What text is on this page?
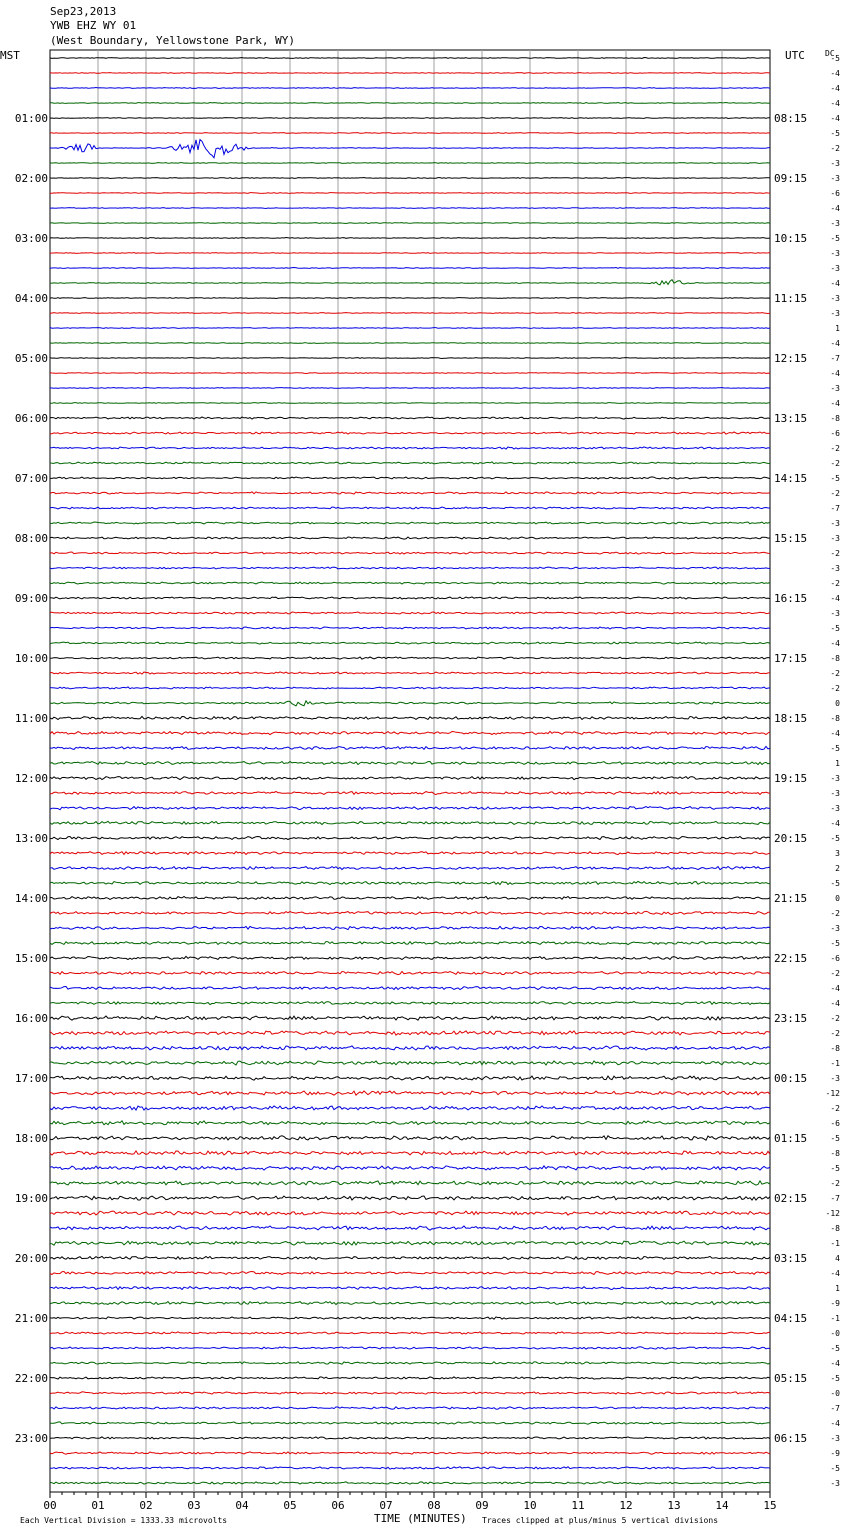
Sep23,2013
YWB EHZ WY 01
(West Boundary, Yellowstone Park, WY)
MST	UTC	DC
-5
-4
-4
-4
-4
-5
-2
-3
-3
-6
-4
-3
-5
-3
-3
-4
-3
-3
1
-4
-7
-4
-3
-4
-8
-6
-2
-2
-5
-2
-7
-3
-3
-2
-3
-2
-4
-3
-5
-4
-8
-2
-2
0
-8
-4
-5
1
-3
-3
-3
-4
-5
3
2
-5
0
-2
-3
-5
-6
-2
-4
-4
-2
-2
-8
-1
-3
-12
-2
-6
-5
-8
-5
-2
-7
-12
-8
-1
4
-4
1
-9
-1
-0
-5
-4
-5
-0
-7
-4
-3
-9
-5
-3
01:00
02:00
03:00
04:00
05:00
06:00
07:00
08:00
09:00
10:00
11:00
12:00
13:00
14:00
15:00
16:00
17:00
18:00
19:00
20:00
21:00
22:00
23:00
08:15
09:15
10:15
11:15
12:15
13:15
14:15
15:15
16:15
17:15
18:15
19:15
20:15
21:15
22:15
23:15
00:15
01:15
02:15
03:15
04:15
05:15
06:15
00	01	02	03	04	05	06	07	08	09	10	11	12	13	14	15
TIME (MINUTES)
Each Vertical Division = 1333.33 microvolts	Traces clipped at plus/minus 5 vertical divisions
